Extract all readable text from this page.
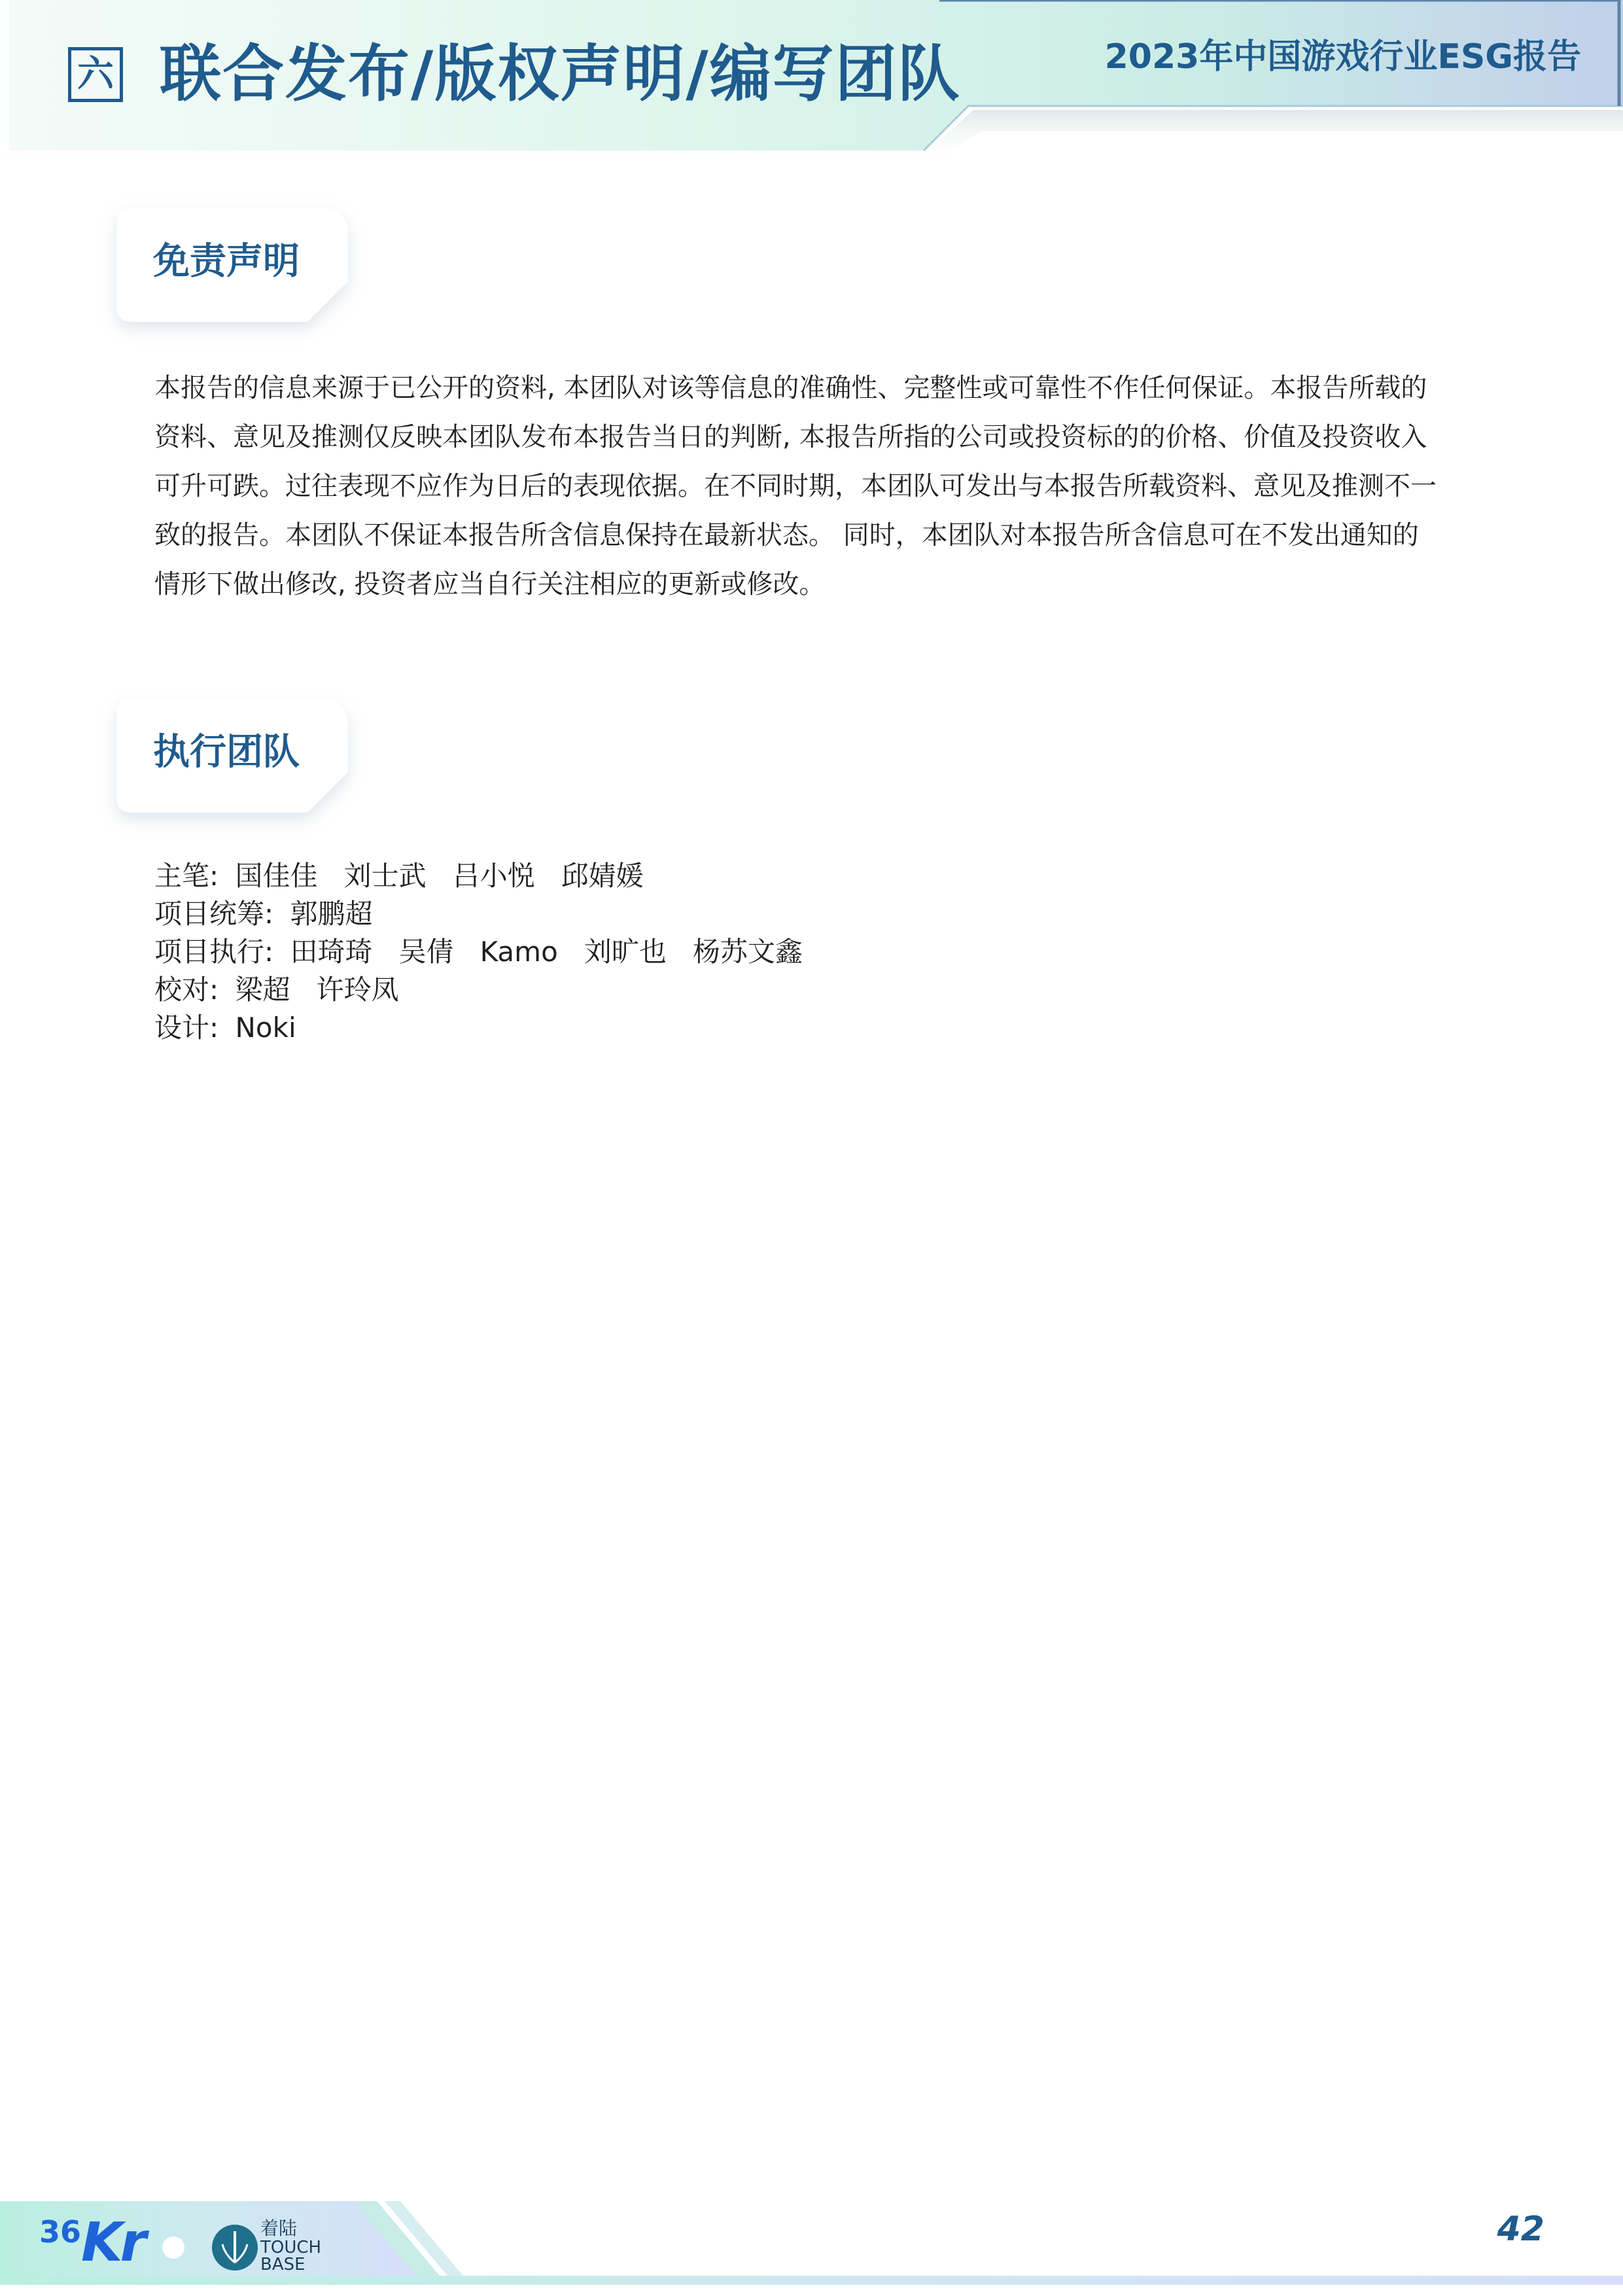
六 联合发布/版权声明/编写团队	2023年中国游戏行业ESG报告
免责声明
本报告的信息来源于已公开的资料, 本团队对该等信息的准确性、完整性或可靠性不作任何保证。本报告所载的
资料、意见及推测仅反映本团队发布本报告当日的判断, 本报告所指的公司或投资标的的价格、价值及投资收入
可升可跌。过往表现不应作为日后的表现依据。在不同时期，本团队可发出与本报告所载资料、意见及推测不一
致的报告。本团队不保证本报告所含信息保持在最新状态。 同时，本团队对本报告所含信息可在不发出通知的
情形下做出修改, 投资者应当自行关注相应的更新或修改。
执行团队
主笔: 国佳佳   刘士武   吕小悦   邱婧媛
项目统筹: 郭鹏超
项目执行: 田琦琦   吴倩   Kamo   刘旷也   杨苏文鑫
校对: 梁超   许玲凤
设计: Noki
36Kr	着陆
TOUCH
BASE
42
